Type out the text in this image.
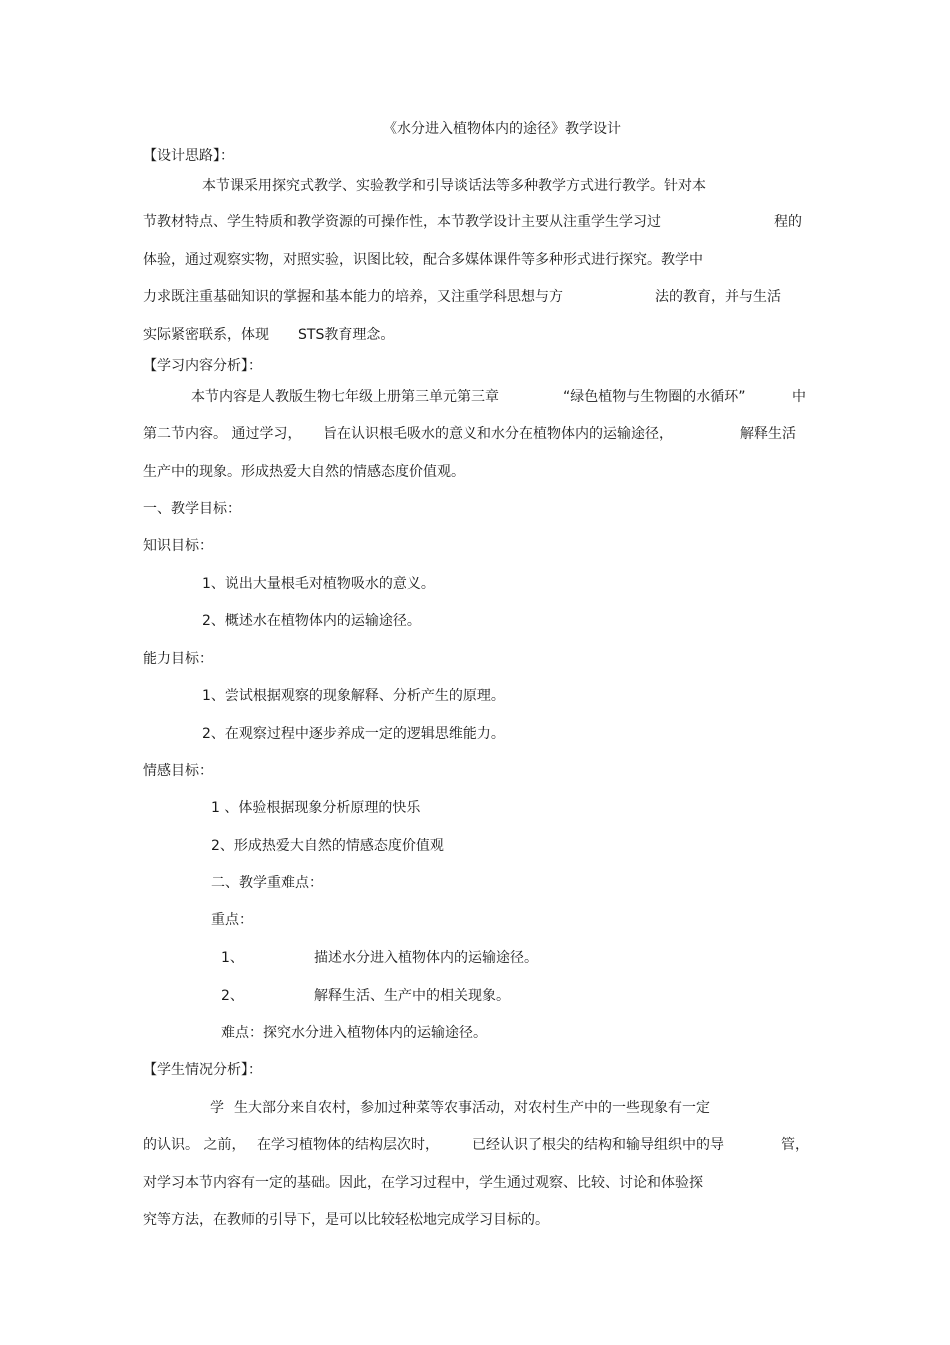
《水分进入植物体内的途径》教学设计
【设计思路】：
本节课采用探究式教学、实验教学和引导谈话法等多种教学方式进行教学。针对本
节教材特点、学生特质和教学资源的可操作性，本节教学设计主要从注重学生学习过	程的
体验，通过观察实物，对照实验，识图比较，配合多媒体课件等多种形式进行探究。教学中
力求既注重基础知识的掌握和基本能力的培养，又注重学科思想与方	法的教育，并与生活
实际紧密联系，体现 STS教育理念。
【学习内容分析】：
本节内容是人教版生物七年级上册第三单元第三章	“绿色植物与生物圈的水循环”	中
第二节内容。 通过学习， 旨在认识根毛吸水的意义和水分在植物体内的运输途径，	解释生活
生产中的现象。形成热爱大自然的情感态度价值观。
一、教学目标：
知识目标：
1、说出大量根毛对植物吸水的意义。
2、概述水在植物体内的运输途径。
能力目标：
1、尝试根据观察的现象解释、分析产生的原理。
2、在观察过程中逐步养成一定的逻辑思维能力。
情感目标：
1 、体验根据现象分析原理的快乐
2、形成热爱大自然的情感态度价值观
二、教学重难点：
重点：
1、	描述水分进入植物体内的运输途径。
2、	解释生活、生产中的相关现象。
难点：探究水分进入植物体内的运输途径。
【学生情况分析】：
学 生大部分来自农村，参加过种菜等农事活动，对农村生产中的一些现象有一定
的认识。 之前， 在学习植物体的结构层次时， 已经认识了根尖的结构和输导组织中的导	管，
对学习本节内容有一定的基础。因此，在学习过程中，学生通过观察、比较、讨论和体验探
究等方法，在教师的引导下，是可以比较轻松地完成学习目标的。
